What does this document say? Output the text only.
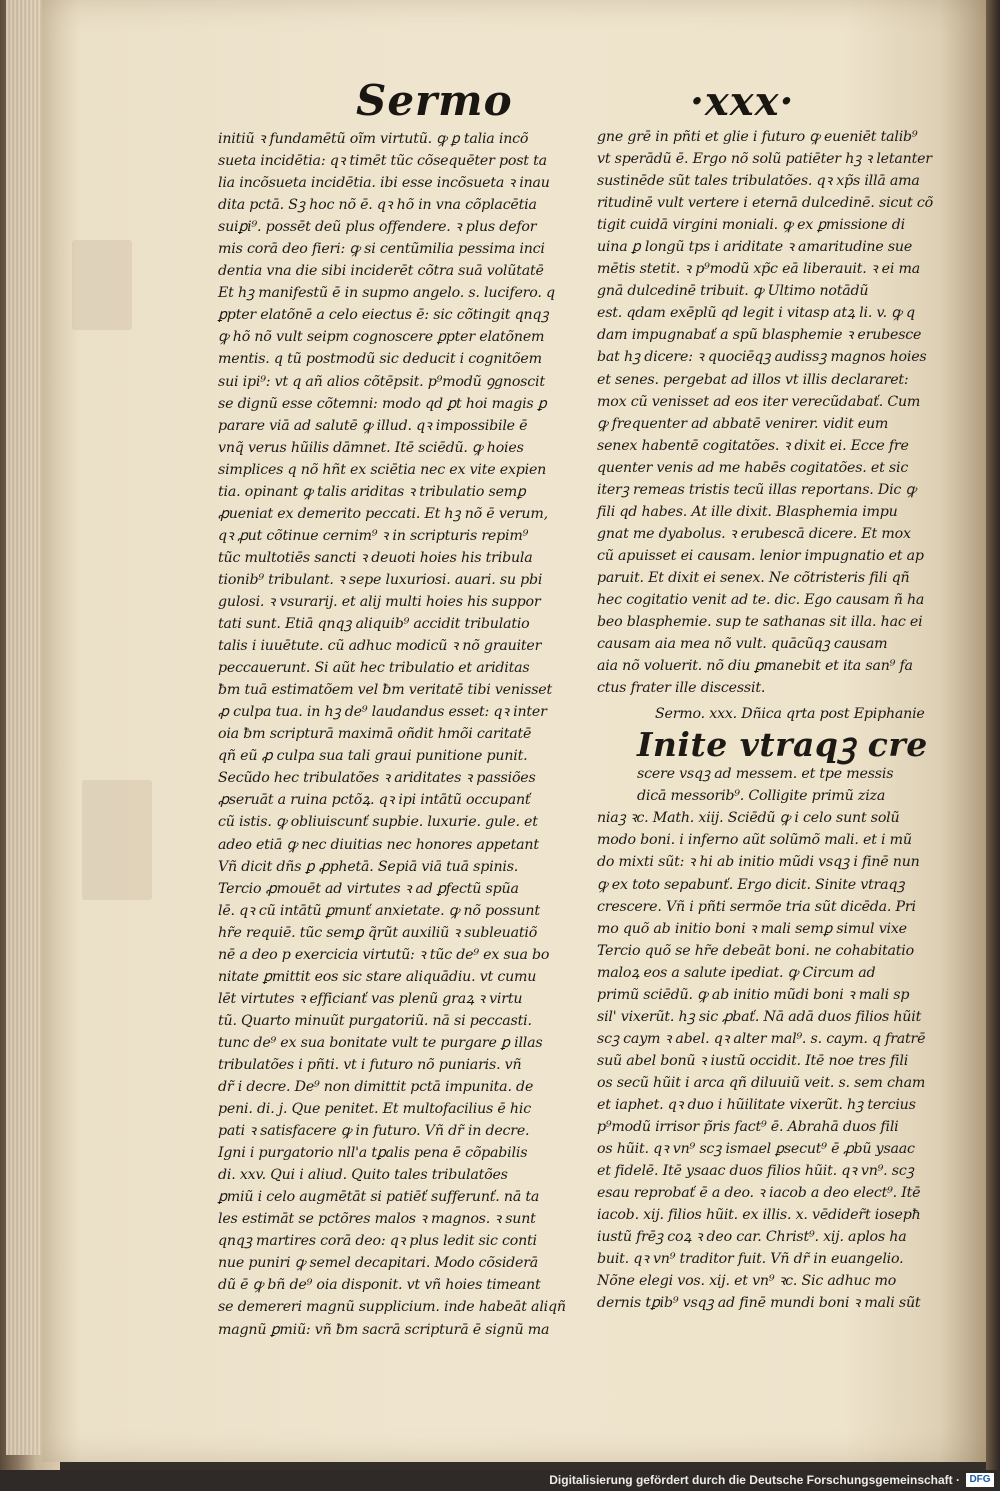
Sermo	·xxx·
initiũ ꝛ fundamētũ oĩm virtutũ. ꝙ ꝑ talia incõ
sueta incidētia: qꝛ timēt tũc cõsequēter post ta
lia incõsueta incidētia. ibi esse incõsueta ꝛ inau
dita pctā. Sꝫ hoc nõ ē. qꝛ hõ in vna cõplacētia
suiꝑi⁹. possēt deũ plus offendere. ꝛ plus defor
mis corā deo fieri: ꝙ si centũmilia pessima inci
dentia vna die sibi inciderēt cõtra suā volũtatē
Et hꝫ manifestũ ē in supmo angelo. s. lucifero. q
ꝑpter elatõnē a celo eiectus ē: sic cõtingit qnqꝫ
ꝙ hõ nõ vult seipm cognoscere ꝑpter elatõnem
mentis. q tũ postmodũ sic deducit i cognitõem
sui ipi⁹: vt q añ alios cõtēpsit. p⁹modũ ꝯgnoscit
se dignũ esse cõtemni: modo qd ꝑt hoi magis ꝑ
parare viā ad salutē ꝙ illud. qꝛ impossibile ē
vnq̃ verus hũilis dāmnet. Itē sciēdũ. ꝙ hoies
simplices q nõ hñt ex sciētia nec ex vite expien
tia. opinant ꝙ talis ariditas ꝛ tribulatio semꝑ
ꝓueniat ex demerito peccati. Et hꝫ nõ ē verum,
qꝛ ꝓut cõtinue cernim⁹ ꝛ in scripturis repim⁹
tũc multotiēs sancti ꝛ deuoti hoies his tribula
tionib⁹ tribulant. ꝛ sepe luxuriosi. auari. su pbi
gulosi. ꝛ vsurarij. et alij multi hoies his suppor
tati sunt. Etiā qnqꝫ aliquib⁹ accidit tribulatio
talis i iuuētute. cũ adhuc modicũ ꝛ nõ grauiter
peccauerunt. Si aũt hec tribulatio et ariditas
ƀm tuā estimatõem vel ƀm veritatē tibi venisset
ꝓ culpa tua. in hꝫ de⁹ laudandus esset: qꝛ inter
oia ƀm scripturā maximā oñdit hmõi caritatē
qñ eũ ꝓ culpa sua tali graui punitione punit.
Secũdo hec tribulatões ꝛ ariditates ꝛ passiões
ꝓseruāt a ruina pctõꝝ. qꝛ ipi intātũ occupanť
cũ istis. ꝙ obliuiscunť supbie. luxurie. gule. et
adeo etiā ꝙ nec diuitias nec honores appetant
Vñ dicit dñs ꝑ ꝓphetā. Sepiā viā tuā spinis.
Tercio ꝓmouēt ad virtutes ꝛ ad ꝑfectũ spũa
lē. qꝛ cũ intātũ ꝑmunť anxietate. ꝙ nõ possunt
hr̃e requiē. tũc semꝑ q̃rũt auxiliũ ꝛ subleuatiõ
nē a deo p exercicia virtutũ: ꝛ tũc de⁹ ex sua bo
nitate ꝑmittit eos sic stare aliquādiu. vt cumu
lēt virtutes ꝛ efficianť vas plenũ graꝝ ꝛ virtu
tũ. Quarto minuũt purgatoriũ. nā si peccasti.
tunc de⁹ ex sua bonitate vult te purgare ꝑ illas
tribulatões i pñti. vt i futuro nõ puniaris. vñ
dr̃ i decre. De⁹ non dimittit pctā impunita. de
peni. di. j. Que penitet. Et multofacilius ē hic
pati ꝛ satisfacere ꝙ in futuro. Vñ dr̃ in decre.
Igni i purgatorio nll'a tꝑalis pena ē cõpabilis
di. xxv. Qui i aliud. Quito tales tribulatões
ꝑmiũ i celo augmētāt si patiēť sufferunť. nā ta
les estimāt se pctõres malos ꝛ magnos. ꝛ sunt
qnqꝫ martires corā deo: qꝛ plus ledit sic conti
nue puniri ꝙ semel decapitari. Modo cõsiderā
dũ ē ꝙ bñ de⁹ oia disponit. vt vñ hoies timeant
se demereri magnũ supplicium. inde habeāt aliqñ
magnũ ꝑmiũ: vñ ƀm sacrā scripturā ē signũ ma
gne grē in pñti et glie i futuro ꝙ eueniēt talib⁹
vt sperādũ ē. Ergo nõ solũ patiēter hꝫ ꝛ letanter
sustinēde sũt tales tribulatões. qꝛ xp̃s illā ama
ritudinē vult vertere i eternā dulcedinē. sicut cõ
tigit cuidā virgini moniali. ꝙ ex ꝑmissione di
uina ꝑ longũ tps i ariditate ꝛ amaritudine sue
mētis stetit. ꝛ p⁹modũ xp̃c eā liberauit. ꝛ ei ma
gnā dulcedinē tribuit. ꝙ Ultimo notādũ
est. qdam exēplũ qd legit i vitasp atꝝ li. v. ꝙ q
dam impugnabať a spũ blasphemie ꝛ erubesce
bat hꝫ dicere: ꝛ quociēqꝫ audissꝫ magnos hoies
et senes. pergebat ad illos vt illis declararet:
mox cũ venisset ad eos iter verecũdabať. Cum
ꝙ frequenter ad abbatē venirer. vidit eum
senex habentē cogitatões. ꝛ dixit ei. Ecce fre
quenter venis ad me habēs cogitatões. et sic
iterꝫ remeas tristis tecũ illas reportans. Dic ꝙ
fili qd habes. At ille dixit. Blasphemia impu
gnat me dyabolus. ꝛ erubescā dicere. Et mox
cũ apuisset ei causam. lenior impugnatio et ap
paruit. Et dixit ei senex. Ne cõtristeris fili qñ
hec cogitatio venit ad te. dic. Ego causam ñ ha
beo blasphemie. sup te sathanas sit illa. hac ei
causam aia mea nõ vult. quācũqꝫ causam
aia nõ voluerit. nõ diu ꝑmanebit et ita san⁹ fa
ctus frater ille discessit.
Sermo. xxx. Dñica qrta post Epiphanie
Inite vtraqꝫ cre
scere vsqꝫ ad messem. et tpe messis
dicā messorib⁹. Colligite primũ ziza
niaꝫ ꝛc. Math. xiij. Sciēdũ ꝙ i celo sunt solũ
modo boni. i inferno aũt solũmõ mali. et i mũ
do mixti sũt: ꝛ hi ab initio mũdi vsqꝫ i finē nun
ꝙ ex toto sepabunť. Ergo dicit. Sinite vtraqꝫ
crescere. Vñ i pñti sermõe tria sũt dicēda. Pri
mo quõ ab initio boni ꝛ mali semꝑ simul vixe
Tercio quõ se hr̃e debeāt boni. ne cohabitatio
maloꝝ eos a salute ipediat. ꝙ Circum ad
primũ sciēdũ. ꝙ ab initio mũdi boni ꝛ mali sp
sil' vixerũt. hꝫ sic ꝓbať. Nā adā duos filios hũit
scꝫ caym ꝛ abel. qꝛ alter mal⁹. s. caym. q fratrē
suũ abel bonũ ꝛ iustũ occidit. Itē noe tres fili
os secũ hũit i arca qñ diluuiũ veit. s. sem cham
et iaphet. qꝛ duo i hũilitate vixerũt. hꝫ tercius
p⁹modũ irrisor p̃ris fact⁹ ē. Abrahā duos fili
os hũit. qꝛ vn⁹ scꝫ ismael ꝑsecut⁹ ē ꝓbũ ysaac
et fidelē. Itē ysaac duos filios hũit. qꝛ vn⁹. scꝫ
esau reprobať ē a deo. ꝛ iacob a deo elect⁹. Itē
iacob. xij. filios hũit. ex illis. x. vēdider̃t iosepħ
iustũ frēꝫ coꝝ ꝛ deo car. Christ⁹. xij. aplos ha
buit. qꝛ vn⁹ traditor fuit. Vñ dr̃ in euangelio.
Nõne elegi vos. xij. et vn⁹ ꝛc. Sic adhuc mo
dernis tꝑib⁹ vsqꝫ ad finē mundi boni ꝛ mali sũt
Digitalisierung gefördert durch die Deutsche Forschungsgemeinschaft · DFG
